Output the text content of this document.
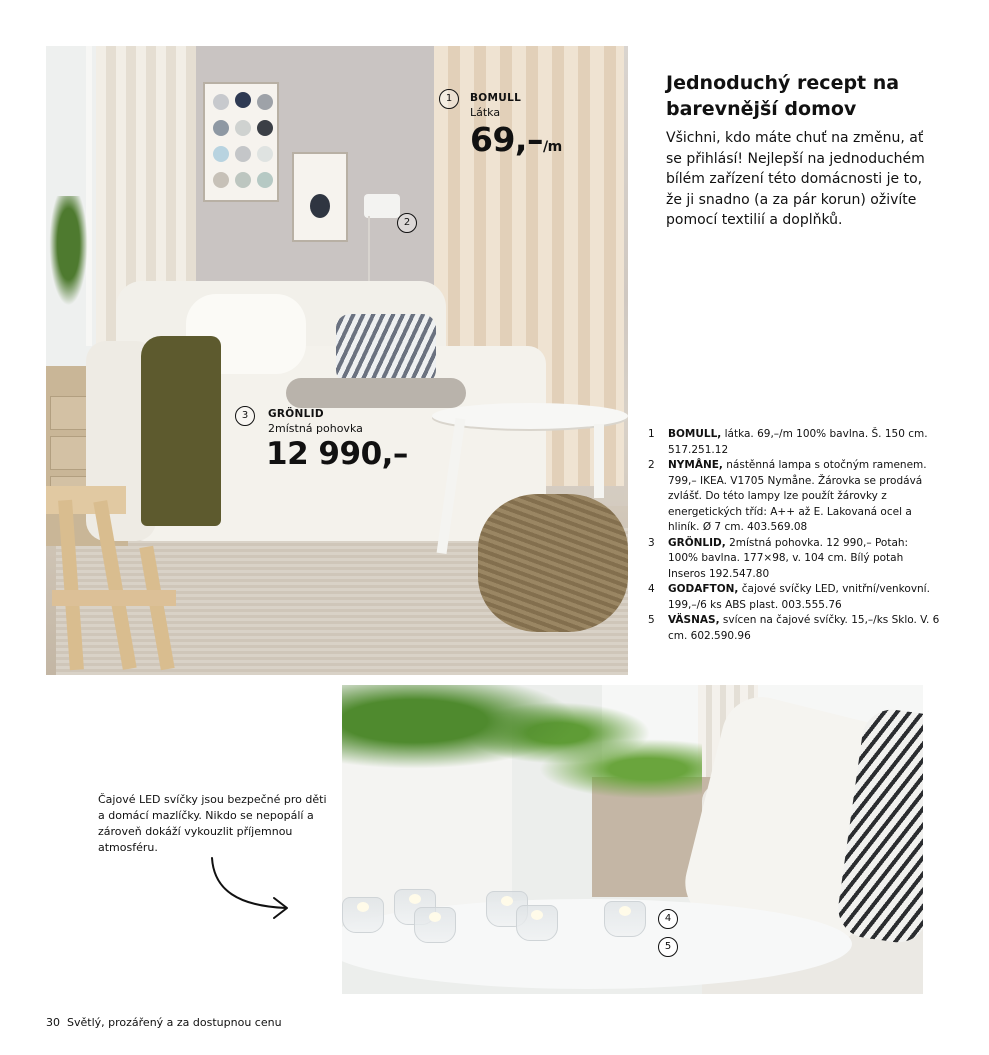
1	BOMULL
Látka
69,–/m
2
3	GRÖNLID
2místná pohovka
12 990,–
Jednoduchý recept na barevnější domov

Všichni, kdo máte chuť na změnu, ať se přihlásí! Nejlepší na jednoduchém bílém zařízení této domácnosti je to, že ji snadno (a za pár korun) oživíte pomocí textilií a doplňků.

1	BOMULL, látka. 69,–/m 100% bavlna. Š. 150 cm. 517.251.12
2	NYMÅNE, nástěnná lampa s otočným ramenem. 799,– IKEA. V1705 Nymåne. Žárovka se prodává zvlášť. Do této lampy lze použít žárovky z energetických tříd: A++ až E. Lakovaná ocel a hliník. Ø 7 cm. 403.569.08
3	GRÖNLID, 2místná pohovka. 12 990,– Potah: 100% bavlna. 177×98, v. 104 cm. Bílý potah Inseros 192.547.80
4	GODAFTON, čajové svíčky LED, vnitřní/venkovní. 199,–/6 ks ABS plast. 003.555.76
5	VÄSNAS, svícen na čajové svíčky. 15,–/ks Sklo. V. 6 cm. 602.590.96
4
5

Čajové LED svíčky jsou bezpečné pro děti a domácí mazlíčky. Nikdo se nepopálí a zároveň dokáží vykouzlit příjemnou atmosféru.

30 Světlý, prozářený a za dostupnou cenu
